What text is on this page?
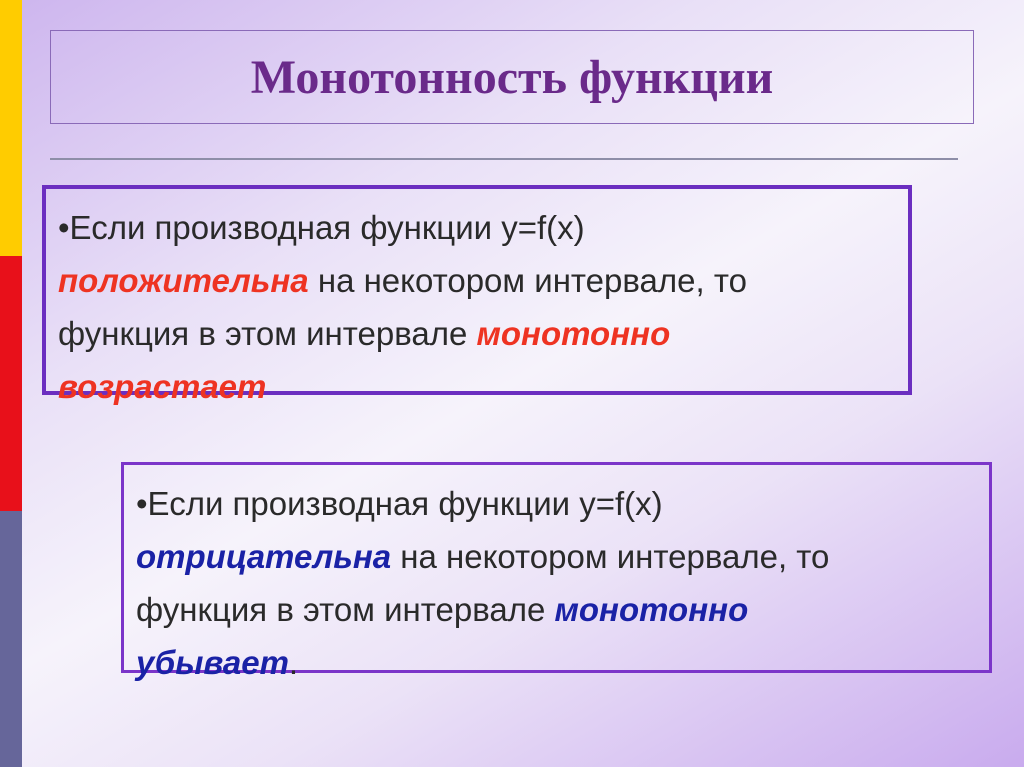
Монотонность функции
•Если производная функции y=f(x)
положительна на некотором интервале, то
функция в этом интервале монотонно
возрастает
•Если производная функции y=f(x)
отрицательна на некотором интервале, то
функция в этом интервале монотонно
убывает.
